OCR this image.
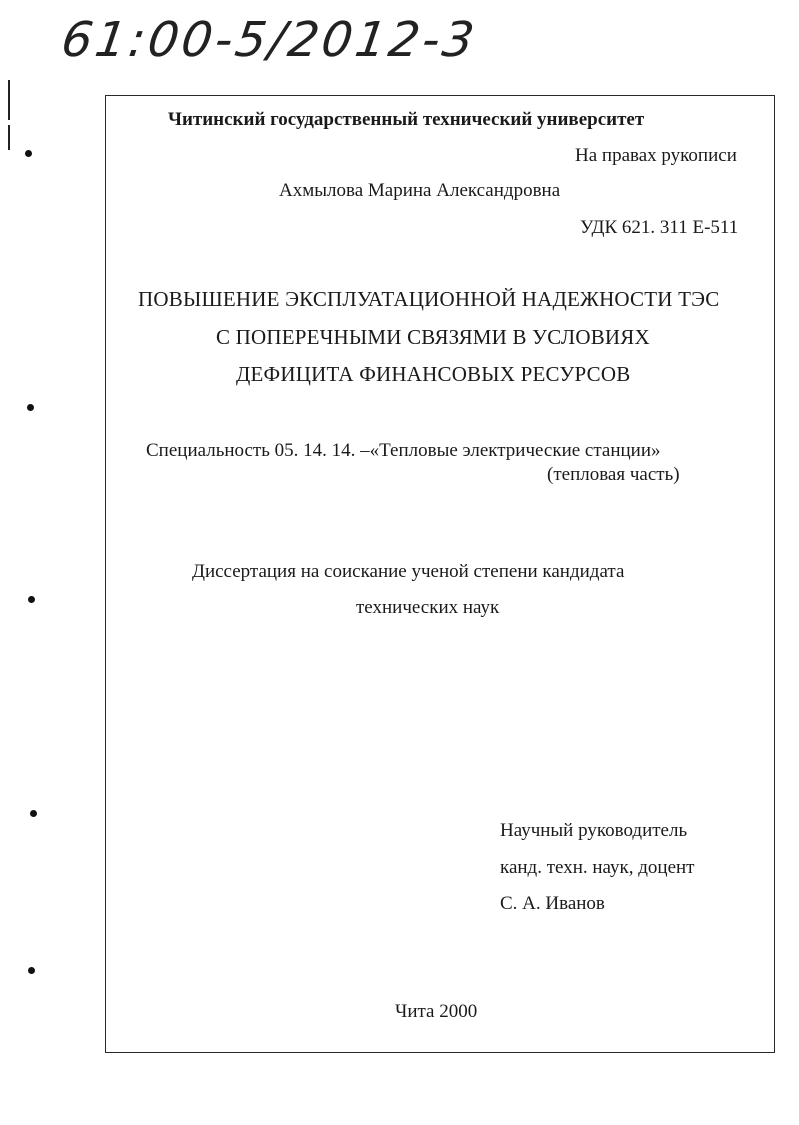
61:00-5/2012-3
Читинский государственный технический университет
На правах рукописи
Ахмылова Марина Александровна
УДК 621. 311 Е-511
ПОВЫШЕНИЕ ЭКСПЛУАТАЦИОННОЙ НАДЕЖНОСТИ ТЭС
С ПОПЕРЕЧНЫМИ СВЯЗЯМИ В УСЛОВИЯХ
ДЕФИЦИТА ФИНАНСОВЫХ РЕСУРСОВ
Специальность 05. 14. 14. –«Тепловые электрические станции»
(тепловая часть)
Диссертация на соискание ученой степени кандидата
технических наук
Научный руководитель
канд. техн. наук, доцент
С. А. Иванов
Чита 2000
